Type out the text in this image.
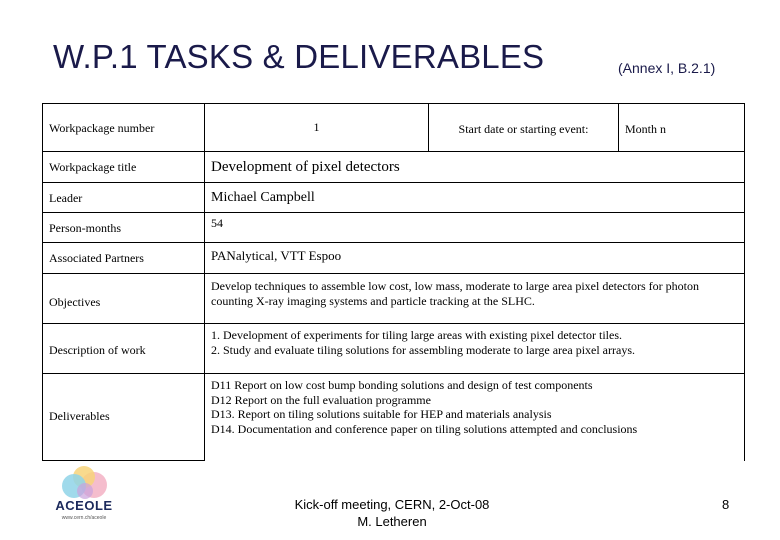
W.P.1 TASKS & DELIVERABLES	(Annex I, B.2.1)
Workpackage number	1	Start date or starting event:	Month n
Workpackage title	Development of pixel detectors		
Leader	Michael Campbell		
Person-months	54		
Associated Partners	PANalytical, VTT Espoo		
Objectives	Develop techniques to assemble low cost, low mass, moderate to large area pixel detectors for photon
counting X-ray imaging systems and particle tracking at the SLHC.		

Description of work	1. Development of experiments for tiling large areas with existing pixel detector tiles.
2. Study and evaluate tiling solutions for assembling moderate to large area pixel arrays.		

Deliverables	D11 Report on low cost bump bonding solutions and design of test components
D12 Report on the full evaluation programme
D13. Report on tiling solutions suitable for HEP and materials analysis
D14. Documentation and conference paper on tiling solutions attempted and conclusions		
ACEOLE
www.cern.ch/aceole
Kick-off meeting, CERN, 2-Oct-08
M. Letheren
8
